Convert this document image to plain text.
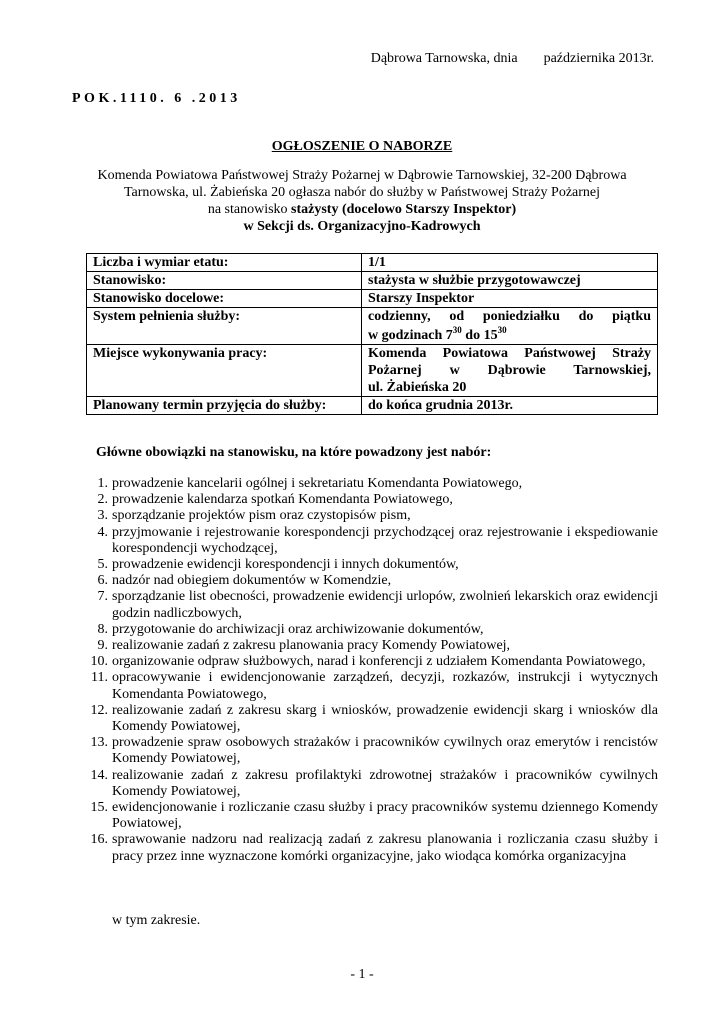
Dąbrowa Tarnowska, dnia października 2013r.
POK.1110. 6 .2013
OGŁOSZENIE O NABORZE
Komenda Powiatowa Państwowej Straży Pożarnej w Dąbrowie Tarnowskiej, 32-200 Dąbrowa Tarnowska, ul. Żabieńska 20 ogłasza nabór do służby w Państwowej Straży Pożarnej
na stanowisko stażysty (docelowo Starszy Inspektor)
w Sekcji ds. Organizacyjno-Kadrowych
Liczba i wymiar etatu:	1/1
Stanowisko:	stażysta w służbie przygotowawczej
Stanowisko docelowe:	Starszy Inspektor
System pełnienia służby:	codzienny, od poniedziałku do piątku
w godzinach $7^{30}$ do $15^{30}$

Miejsce wykonywania pracy:	Komenda Powiatowa Państwowej Straży
Pożarnej w Dąbrowie Tarnowskiej,
ul. Żabieńska 20

Planowany termin przyjęcia do służby:	do końca grudnia 2013r.
Główne obowiązki na stanowisku, na które powadzony jest nabór:
1. prowadzenie kancelarii ogólnej i sekretariatu Komendanta Powiatowego,
2. prowadzenie kalendarza spotkań Komendanta Powiatowego,
3. sporządzanie projektów pism oraz czystopisów pism,
4. przyjmowanie i rejestrowanie korespondencji przychodzącej oraz rejestrowanie i ekspediowanie korespondencji wychodzącej,
5. prowadzenie ewidencji korespondencji i innych dokumentów,
6. nadzór nad obiegiem dokumentów w Komendzie,
7. sporządzanie list obecności, prowadzenie ewidencji urlopów, zwolnień lekarskich oraz ewidencji godzin nadliczbowych,
8. przygotowanie do archiwizacji oraz archiwizowanie dokumentów,
9. realizowanie zadań z zakresu planowania pracy Komendy Powiatowej,
10. organizowanie odpraw służbowych, narad i konferencji z udziałem Komendanta Powiatowego,
11. opracowywanie i ewidencjonowanie zarządzeń, decyzji, rozkazów, instrukcji i wytycznych Komendanta Powiatowego,
12. realizowanie zadań z zakresu skarg i wniosków, prowadzenie ewidencji skarg i wniosków dla Komendy Powiatowej,
13. prowadzenie spraw osobowych strażaków i pracowników cywilnych oraz emerytów i rencistów Komendy Powiatowej,
14. realizowanie zadań z zakresu profilaktyki zdrowotnej strażaków i pracowników cywilnych Komendy Powiatowej,
15. ewidencjonowanie i rozliczanie czasu służby i pracy pracowników systemu dziennego Komendy Powiatowej,
16. sprawowanie nadzoru nad realizacją zadań z zakresu planowania i rozliczania czasu służby i pracy przez inne wyznaczone komórki organizacyjne, jako wiodąca komórka organizacyjna
w tym zakresie.
- 1 -
